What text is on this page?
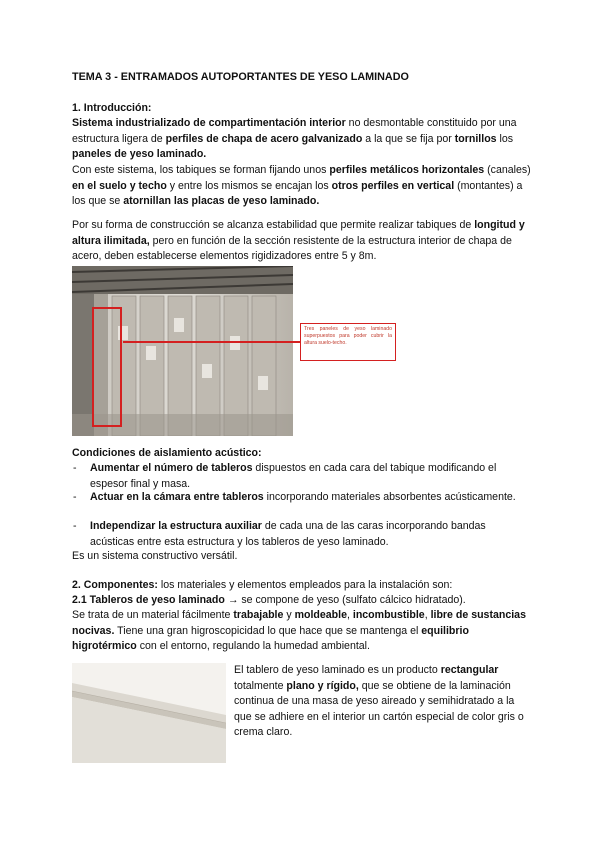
TEMA 3 - ENTRAMADOS AUTOPORTANTES DE YESO LAMINADO
1. Introducción:
Sistema industrializado de compartimentación interior no desmontable constituido por una estructura ligera de perfiles de chapa de acero galvanizado a la que se fija por tornillos los paneles de yeso laminado.
Con este sistema, los tabiques se forman fijando unos perfiles metálicos horizontales (canales) en el suelo y techo y entre los mismos se encajan los otros perfiles en vertical (montantes) a los que se atornillan las placas de yeso laminado.
Por su forma de construcción se alcanza estabilidad que permite realizar tabiques de longitud y altura ilimitada, pero en función de la sección resistente de la estructura interior de chapa de acero, deben establecerse elementos rigidizadores entre 5 y 8m.
Tres paneles de yeso laminado superpuestos para poder cubrir la altura suelo-techo.
Condiciones de aislamiento acústico:
- Aumentar el número de tableros dispuestos en cada cara del tabique modificando el espesor final y masa.
- Actuar en la cámara entre tableros incorporando materiales absorbentes acústicamente.
- Independizar la estructura auxiliar de cada una de las caras incorporando bandas acústicas entre esta estructura y los tableros de yeso laminado.
Es un sistema constructivo versátil.
2. Componentes: los materiales y elementos empleados para la instalación son:
2.1 Tableros de yeso laminado → se compone de yeso (sulfato cálcico hidratado).
Se trata de un material fácilmente trabajable y moldeable, incombustible, libre de sustancias nocivas. Tiene una gran higroscopicidad lo que hace que se mantenga el equilibrio higrotérmico con el entorno, regulando la humedad ambiental.
El tablero de yeso laminado es un producto rectangular totalmente plano y rígido, que se obtiene de la laminación continua de una masa de yeso aireado y semihidratado a la que se adhiere en el interior un cartón especial de color gris o crema claro.
